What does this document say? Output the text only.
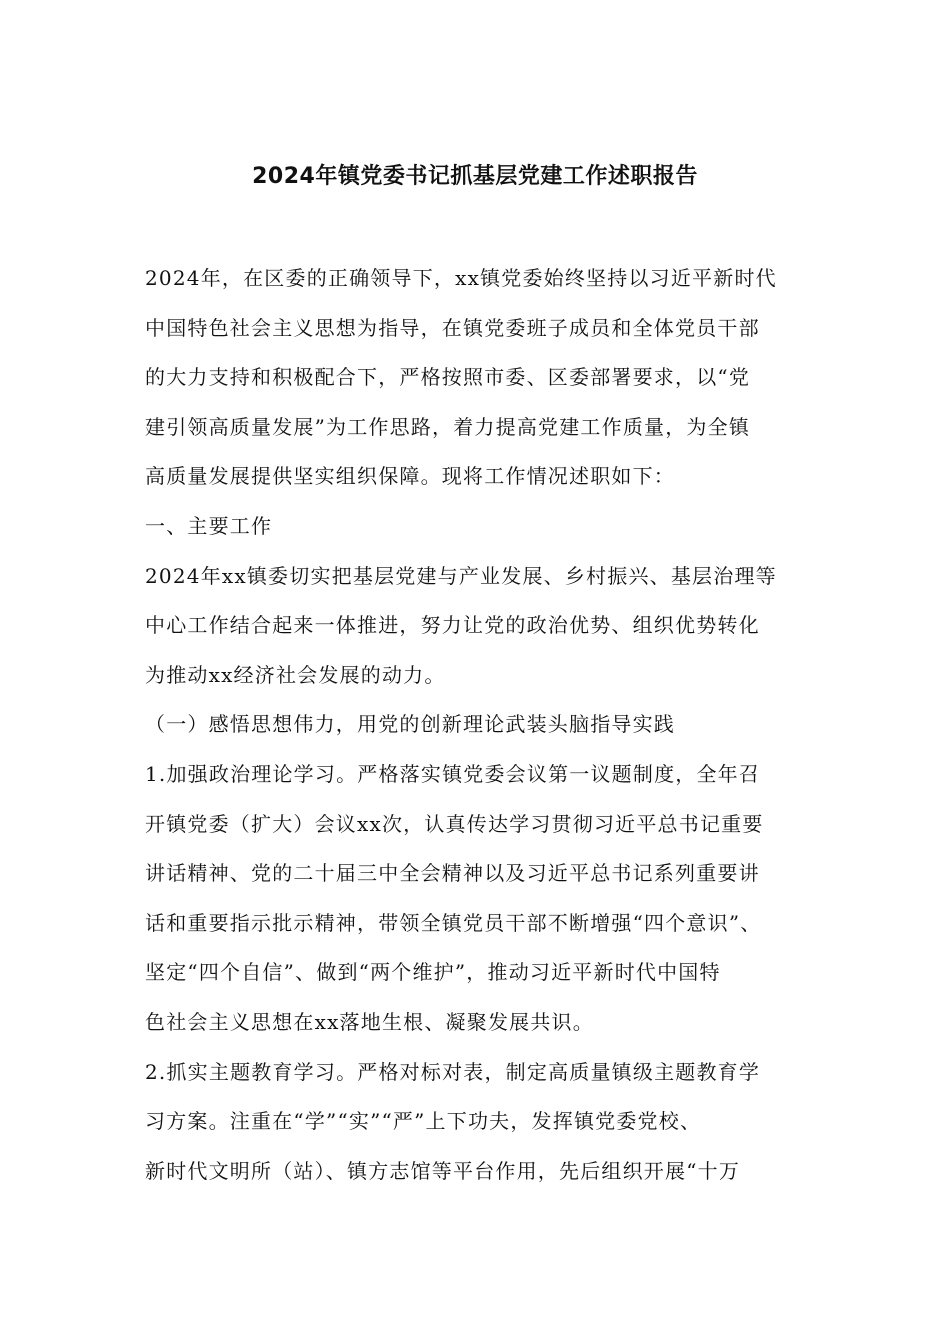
2024年镇党委书记抓基层党建工作述职报告
2024年，在区委的正确领导下，xx镇党委始终坚持以习近平新时代
中国特色社会主义思想为指导，在镇党委班子成员和全体党员干部
的大力支持和积极配合下，严格按照市委、区委部署要求，以“党
建引领高质量发展”为工作思路，着力提高党建工作质量，为全镇
高质量发展提供坚实组织保障。现将工作情况述职如下：
一、主要工作
2024年xx镇委切实把基层党建与产业发展、乡村振兴、基层治理等
中心工作结合起来一体推进，努力让党的政治优势、组织优势转化
为推动xx经济社会发展的动力。
（一）感悟思想伟力，用党的创新理论武装头脑指导实践
1.加强政治理论学习。严格落实镇党委会议第一议题制度，全年召
开镇党委（扩大）会议xx次，认真传达学习贯彻习近平总书记重要
讲话精神、党的二十届三中全会精神以及习近平总书记系列重要讲
话和重要指示批示精神，带领全镇党员干部不断增强“四个意识”、
坚定“四个自信”、做到“两个维护”，推动习近平新时代中国特
色社会主义思想在xx落地生根、凝聚发展共识。
2.抓实主题教育学习。严格对标对表，制定高质量镇级主题教育学
习方案。注重在“学”“实”“严”上下功夫，发挥镇党委党校、
新时代文明所（站）、镇方志馆等平台作用，先后组织开展“十万
